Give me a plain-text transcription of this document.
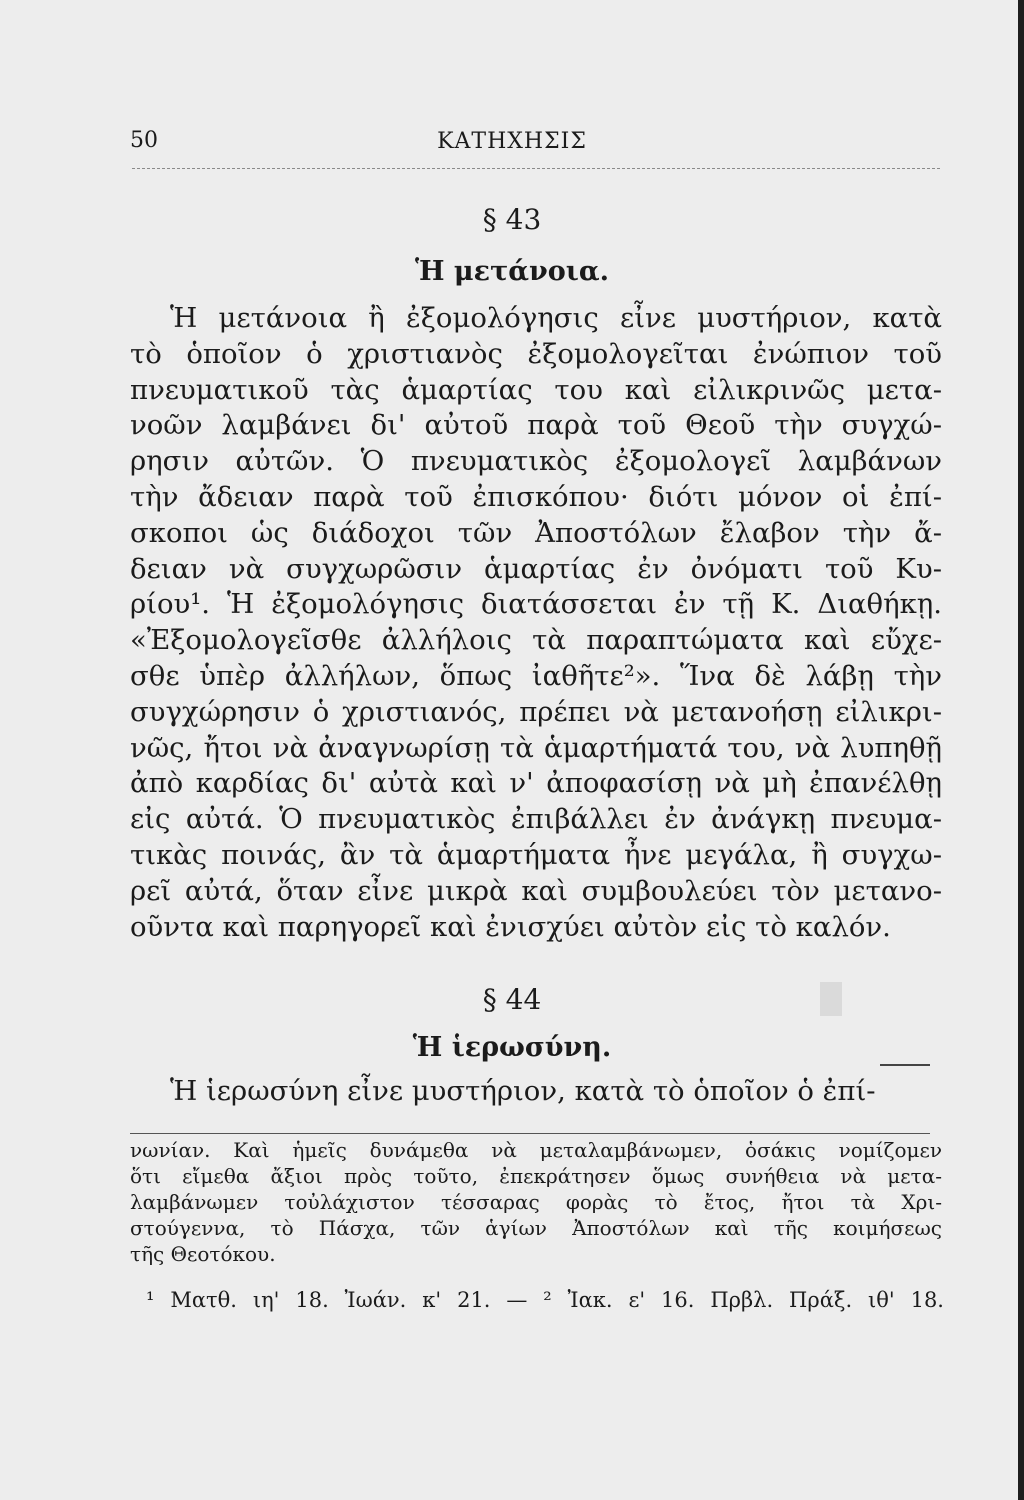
50	ΚΑΤΗΧΗΣΙΣ
§ 43
Ἡ μετάνοια.
Ἡ μετάνοια ἢ ἐξομολόγησις εἶνε μυστήριον, κατὰ
τὸ ὁποῖον ὁ χριστιανὸς ἐξομολογεῖται ἐνώπιον τοῦ
πνευματικοῦ τὰς ἁμαρτίας του καὶ εἰλικρινῶς μετα-
νοῶν λαμβάνει δι' αὐτοῦ παρὰ τοῦ Θεοῦ τὴν συγχώ-
ρησιν αὐτῶν. Ὁ πνευματικὸς ἐξομολογεῖ λαμβάνων
τὴν ἄδειαν παρὰ τοῦ ἐπισκόπου· διότι μόνον οἱ ἐπί-
σκοποι ὡς διάδοχοι τῶν Ἀποστόλων ἔλαβον τὴν ἄ-
δειαν νὰ συγχωρῶσιν ἁμαρτίας ἐν ὀνόματι τοῦ Κυ-
ρίου¹. Ἡ ἐξομολόγησις διατάσσεται ἐν τῇ Κ. Διαθήκῃ.
«Ἐξομολογεῖσθε ἀλλήλοις τὰ παραπτώματα καὶ εὔχε-
σθε ὑπὲρ ἀλλήλων, ὅπως ἰαθῆτε²». Ἵνα δὲ λάβῃ τὴν
συγχώρησιν ὁ χριστιανός, πρέπει νὰ μετανοήσῃ εἰλικρι-
νῶς, ἤτοι νὰ ἀναγνωρίσῃ τὰ ἁμαρτήματά του, νὰ λυπηθῇ
ἀπὸ καρδίας δι' αὐτὰ καὶ ν' ἀποφασίσῃ νὰ μὴ ἐπανέλθῃ
εἰς αὐτά. Ὁ πνευματικὸς ἐπιβάλλει ἐν ἀνάγκῃ πνευμα-
τικὰς ποινάς, ἂν τὰ ἁμαρτήματα ἦνε μεγάλα, ἢ συγχω-
ρεῖ αὐτά, ὅταν εἶνε μικρὰ καὶ συμβουλεύει τὸν μετανο-
οῦντα καὶ παρηγορεῖ καὶ ἐνισχύει αὐτὸν εἰς τὸ καλόν.
§ 44
Ἡ ἱερωσύνη.
Ἡ ἱερωσύνη εἶνε μυστήριον, κατὰ τὸ ὁποῖον ὁ ἐπί-
νωνίαν. Καὶ ἡμεῖς δυνάμεθα νὰ μεταλαμβάνωμεν, ὁσάκις νομίζομεν
ὅτι εἴμεθα ἄξιοι πρὸς τοῦτο, ἐπεκράτησεν ὅμως συνήθεια νὰ μετα-
λαμβάνωμεν τοὐλάχιστον τέσσαρας φορὰς τὸ ἔτος, ἤτοι τὰ Χρι-
στούγεννα, τὸ Πάσχα, τῶν ἁγίων Ἀποστόλων καὶ τῆς κοιμήσεως
τῆς Θεοτόκου.
¹ Ματθ. ιη' 18. Ἰωάν. κ' 21. — ² Ἰακ. ε' 16. Πρβλ. Πράξ. ιθ' 18.
